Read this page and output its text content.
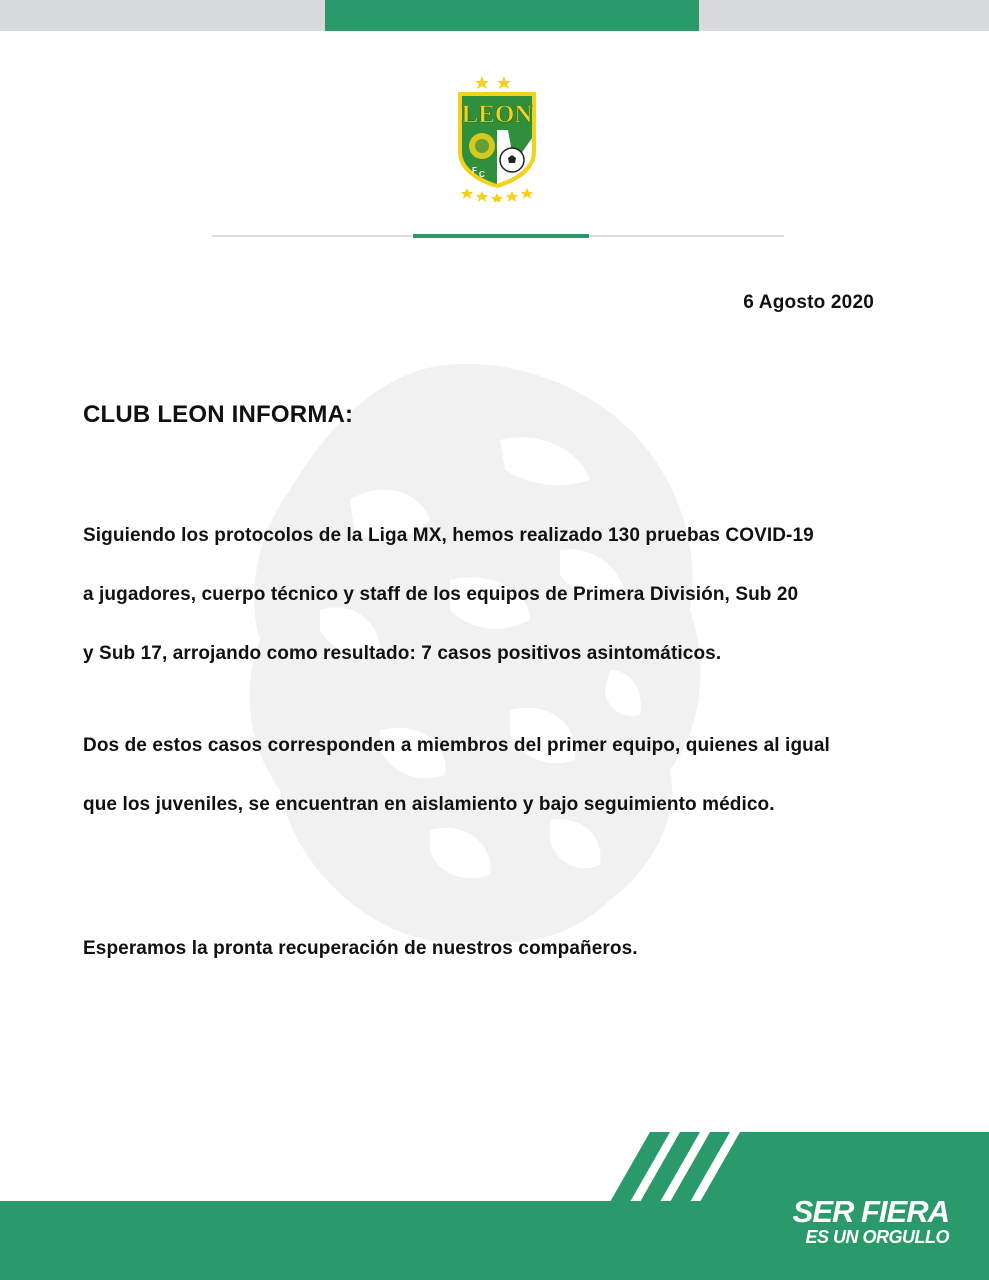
LEON
F C
6 Agosto 2020
CLUB LEON INFORMA:
Siguiendo los protocolos de la Liga MX, hemos realizado 130 pruebas COVID-19
a jugadores, cuerpo técnico y staff de los equipos de Primera División, Sub 20
y Sub 17, arrojando como resultado: 7 casos positivos asintomáticos.
Dos de estos casos corresponden a miembros del primer equipo, quienes al igual
que los juveniles, se encuentran en aislamiento y bajo seguimiento médico.
Esperamos la pronta recuperación de nuestros compañeros.
SER FIERA
ES UN ORGULLO
